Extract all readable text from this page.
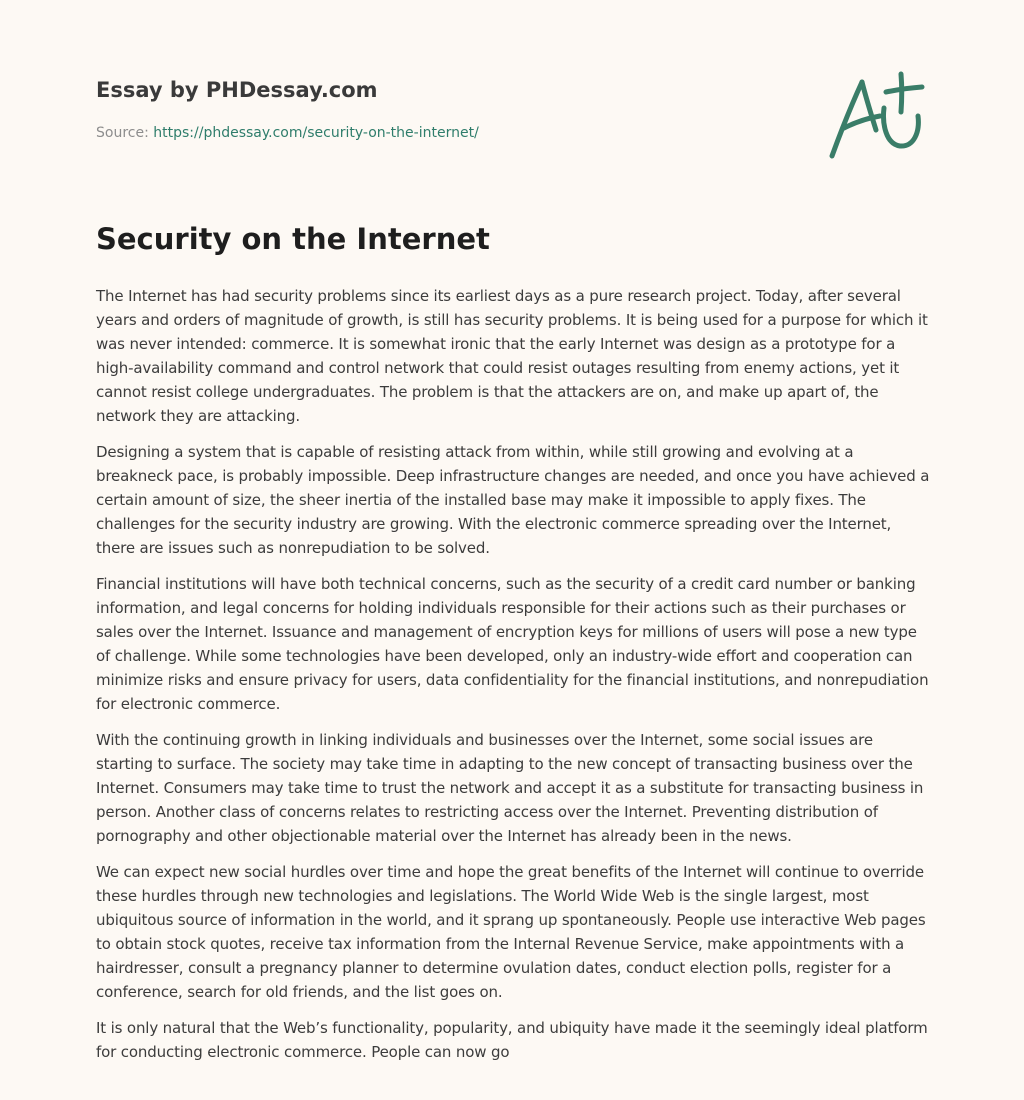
Essay by PHDessay.com
Source: https://phdessay.com/security-on-the-internet/
Security on the Internet

The Internet has had security problems since its earliest days as a pure research project. Today, after several years and orders of magnitude of growth, is still has security problems. It is being used for a purpose for which it was never intended: commerce. It is somewhat ironic that the early Internet was design as a prototype for a high-availability command and control network that could resist outages resulting from enemy actions, yet it cannot resist college undergraduates. The problem is that the attackers are on, and make up apart of, the network they are attacking.

Designing a system that is capable of resisting attack from within, while still growing and evolving at a breakneck pace, is probably impossible. Deep infrastructure changes are needed, and once you have achieved a certain amount of size, the sheer inertia of the installed base may make it impossible to apply fixes. The challenges for the security industry are growing. With the electronic commerce spreading over the Internet, there are issues such as nonrepudiation to be solved.

Financial institutions will have both technical concerns, such as the security of a credit card number or banking information, and legal concerns for holding individuals responsible for their actions such as their purchases or sales over the Internet. Issuance and management of encryption keys for millions of users will pose a new type of challenge. While some technologies have been developed, only an industry-wide effort and cooperation can minimize risks and ensure privacy for users, data confidentiality for the financial institutions, and nonrepudiation for electronic commerce.

With the continuing growth in linking individuals and businesses over the Internet, some social issues are starting to surface. The society may take time in adapting to the new concept of transacting business over the Internet. Consumers may take time to trust the network and accept it as a substitute for transacting business in person. Another class of concerns relates to restricting access over the Internet. Preventing distribution of pornography and other objectionable material over the Internet has already been in the news.

We can expect new social hurdles over time and hope the great benefits of the Internet will continue to override these hurdles through new technologies and legislations. The World Wide Web is the single largest, most ubiquitous source of information in the world, and it sprang up spontaneously. People use interactive Web pages to obtain stock quotes, receive tax information from the Internal Revenue Service, make appointments with a hairdresser, consult a pregnancy planner to determine ovulation dates, conduct election polls, register for a conference, search for old friends, and the list goes on.

It is only natural that the Web’s functionality, popularity, and ubiquity have made it the seemingly ideal platform for conducting electronic commerce. People can now go
